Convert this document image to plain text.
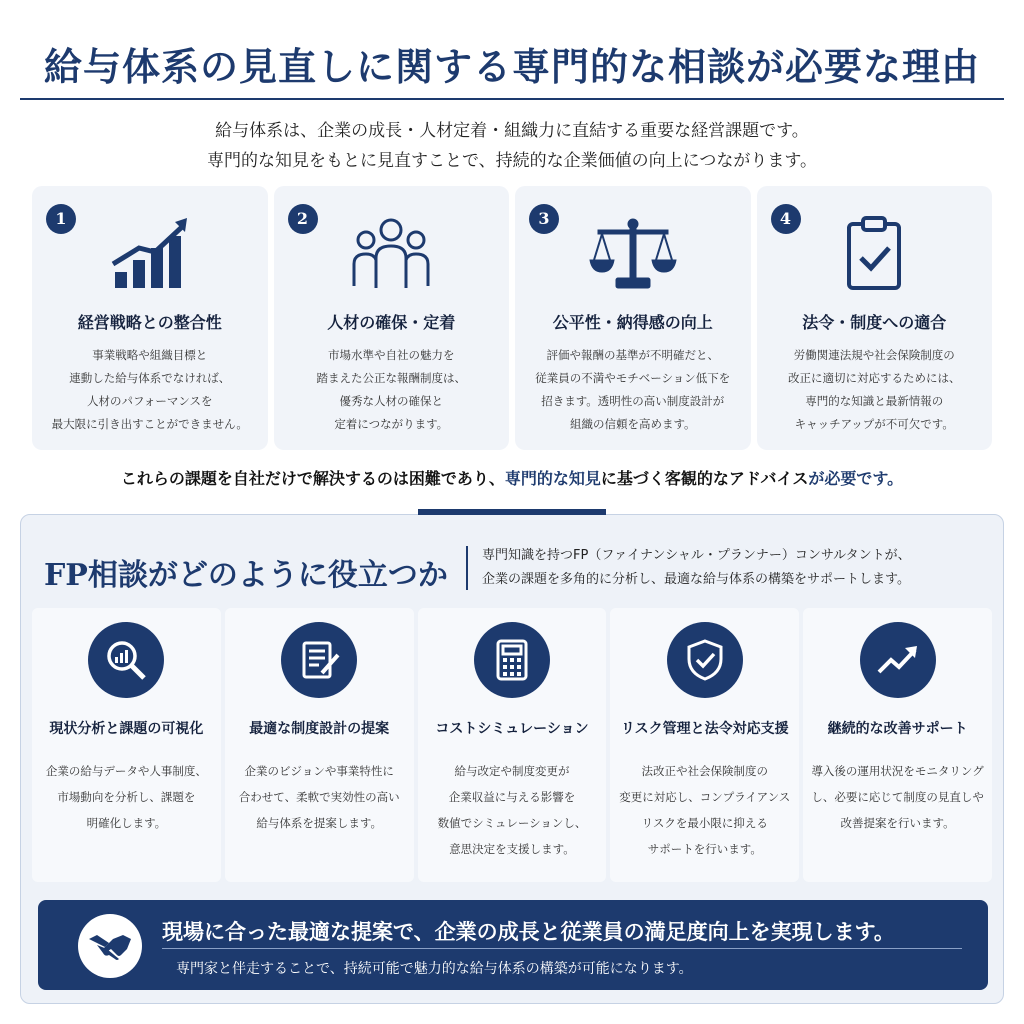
給与体系の見直しに関する専門的な相談が必要な理由
給与体系は、企業の成長・人材定着・組織力に直結する重要な経営課題です。
専門的な知見をもとに見直すことで、持続的な企業価値の向上につながります。
1
経営戦略との整合性
事業戦略や組織目標と
連動した給与体系でなければ、
人材のパフォーマンスを
最大限に引き出すことができません。
2
人材の確保・定着
市場水準や自社の魅力を
踏まえた公正な報酬制度は、
優秀な人材の確保と
定着につながります。
3
公平性・納得感の向上
評価や報酬の基準が不明確だと、
従業員の不満やモチベーション低下を
招きます。透明性の高い制度設計が
組織の信頼を高めます。
4
法令・制度への適合
労働関連法規や社会保険制度の
改正に適切に対応するためには、
専門的な知識と最新情報の
キャッチアップが不可欠です。
これらの課題を自社だけで解決するのは困難であり、専門的な知見に基づく客観的なアドバイスが必要です。
FP相談がどのように役立つか
専門知識を持つFP（ファイナンシャル・プランナー）コンサルタントが、
企業の課題を多角的に分析し、最適な給与体系の構築をサポートします。
現状分析と課題の可視化
企業の給与データや人事制度、
市場動向を分析し、課題を
明確化します。
最適な制度設計の提案
企業のビジョンや事業特性に
合わせて、柔軟で実効性の高い
給与体系を提案します。
コストシミュレーション
給与改定や制度変更が
企業収益に与える影響を
数値でシミュレーションし、
意思決定を支援します。
リスク管理と法令対応支援
法改正や社会保険制度の
変更に対応し、コンプライアンス
リスクを最小限に抑える
サポートを行います。
継続的な改善サポート
導入後の運用状況をモニタリング
し、必要に応じて制度の見直しや
改善提案を行います。
現場に合った最適な提案で、企業の成長と従業員の満足度向上を実現します。
専門家と伴走することで、持続可能で魅力的な給与体系の構築が可能になります。
